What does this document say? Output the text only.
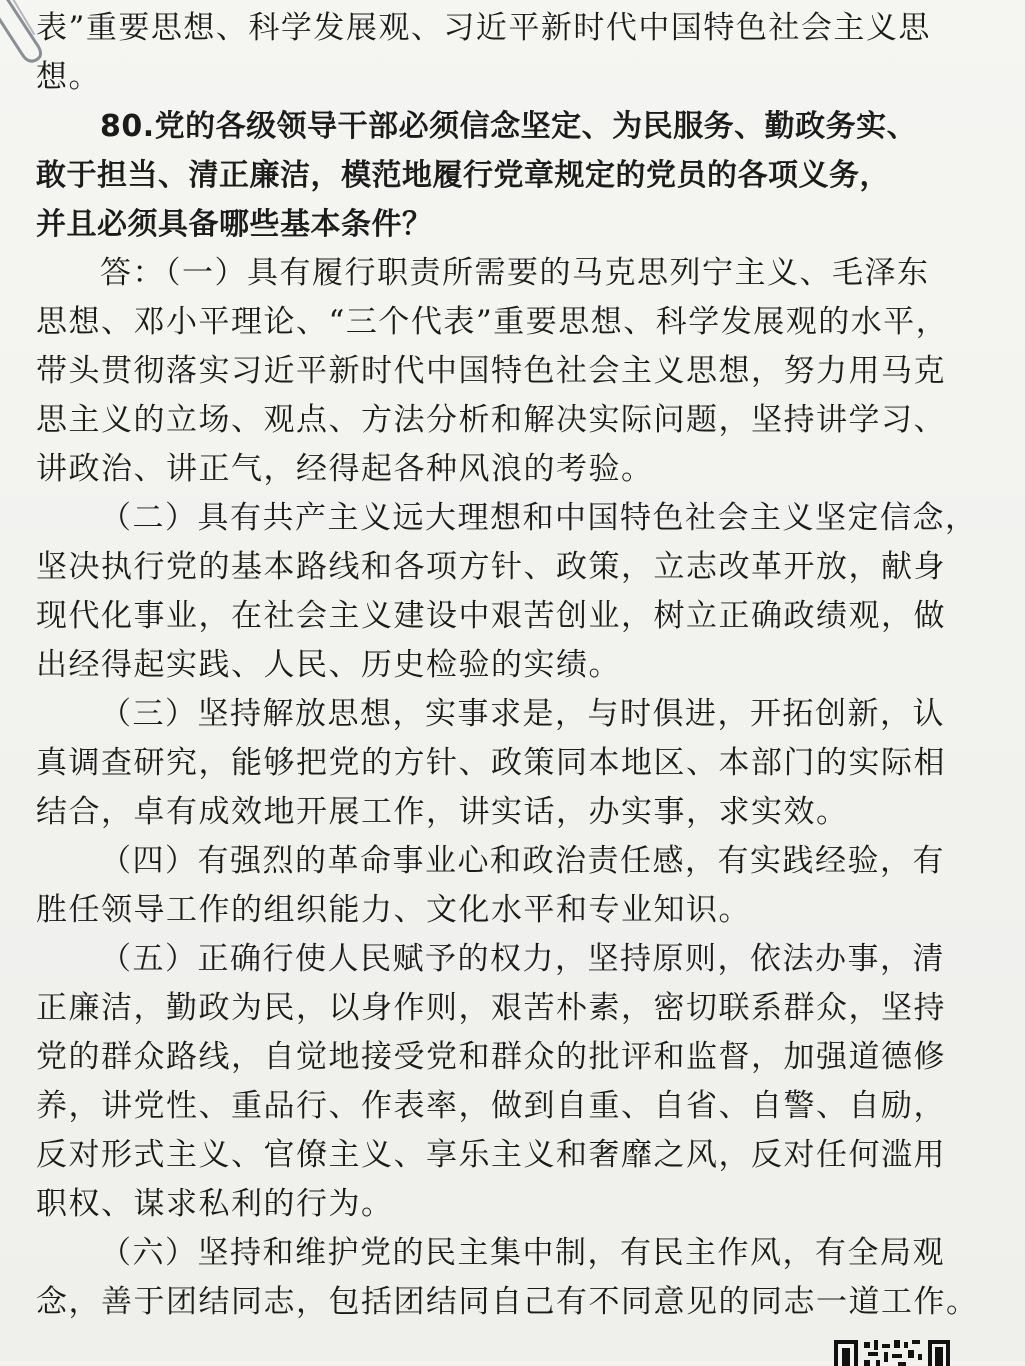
表”重要思想、科学发展观、习近平新时代中国特色社会主义思
想。
80.党的各级领导干部必须信念坚定、为民服务、勤政务实、
敢于担当、清正廉洁，模范地履行党章规定的党员的各项义务，
并且必须具备哪些基本条件？
答：（一）具有履行职责所需要的马克思列宁主义、毛泽东
思想、邓小平理论、“三个代表”重要思想、科学发展观的水平，
带头贯彻落实习近平新时代中国特色社会主义思想，努力用马克
思主义的立场、观点、方法分析和解决实际问题，坚持讲学习、
讲政治、讲正气，经得起各种风浪的考验。
（二）具有共产主义远大理想和中国特色社会主义坚定信念，
坚决执行党的基本路线和各项方针、政策，立志改革开放，献身
现代化事业，在社会主义建设中艰苦创业，树立正确政绩观，做
出经得起实践、人民、历史检验的实绩。
（三）坚持解放思想，实事求是，与时俱进，开拓创新，认
真调查研究，能够把党的方针、政策同本地区、本部门的实际相
结合，卓有成效地开展工作，讲实话，办实事，求实效。
（四）有强烈的革命事业心和政治责任感，有实践经验，有
胜任领导工作的组织能力、文化水平和专业知识。
（五）正确行使人民赋予的权力，坚持原则，依法办事，清
正廉洁，勤政为民，以身作则，艰苦朴素，密切联系群众，坚持
党的群众路线，自觉地接受党和群众的批评和监督，加强道德修
养，讲党性、重品行、作表率，做到自重、自省、自警、自励，
反对形式主义、官僚主义、享乐主义和奢靡之风，反对任何滥用
职权、谋求私利的行为。
（六）坚持和维护党的民主集中制，有民主作风，有全局观
念，善于团结同志，包括团结同自己有不同意见的同志一道工作。
